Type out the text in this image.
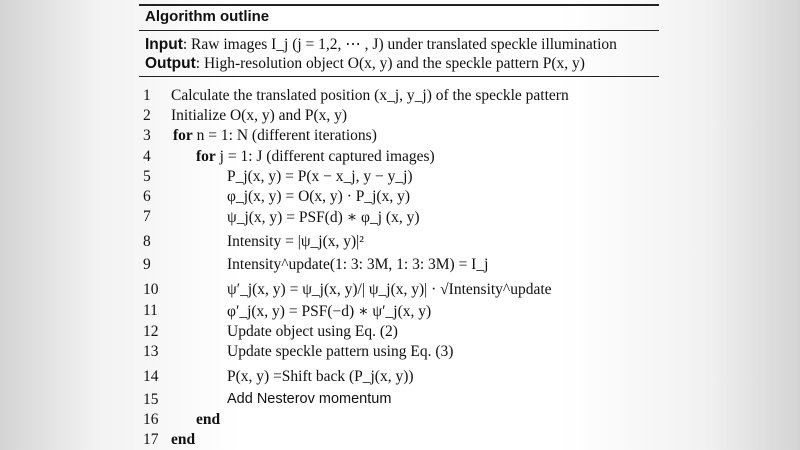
Algorithm outline
Input: Raw images I_j (j = 1,2, ⋯ , J) under translated speckle illumination
Output: High-resolution object O(x, y) and the speckle pattern P(x, y)
1	Calculate the translated position (x_j, y_j) of the speckle pattern
2	Initialize O(x, y) and P(x, y)
3	for n = 1: N (different iterations)
4	for j = 1: J (different captured images)
5	P_j(x, y) = P(x − x_j, y − y_j)
6	φ_j(x, y) = O(x, y) · P_j(x, y)
7	ψ_j(x, y) = PSF(d) ∗ φ_j (x, y)
8	Intensity = |ψ_j(x, y)|²
9	Intensity^update(1: 3: 3M, 1: 3: 3M) = I_j
10	ψ′_j(x, y) = ψ_j(x, y)/| ψ_j(x, y)| · √Intensity^update
11	φ′_j(x, y) = PSF(−d) ∗ ψ′_j(x, y)
12	Update object using Eq. (2)
13	Update speckle pattern using Eq. (3)
14	P(x, y) =Shift back (P_j(x, y))
15	Add Nesterov momentum
16	end
17 end
